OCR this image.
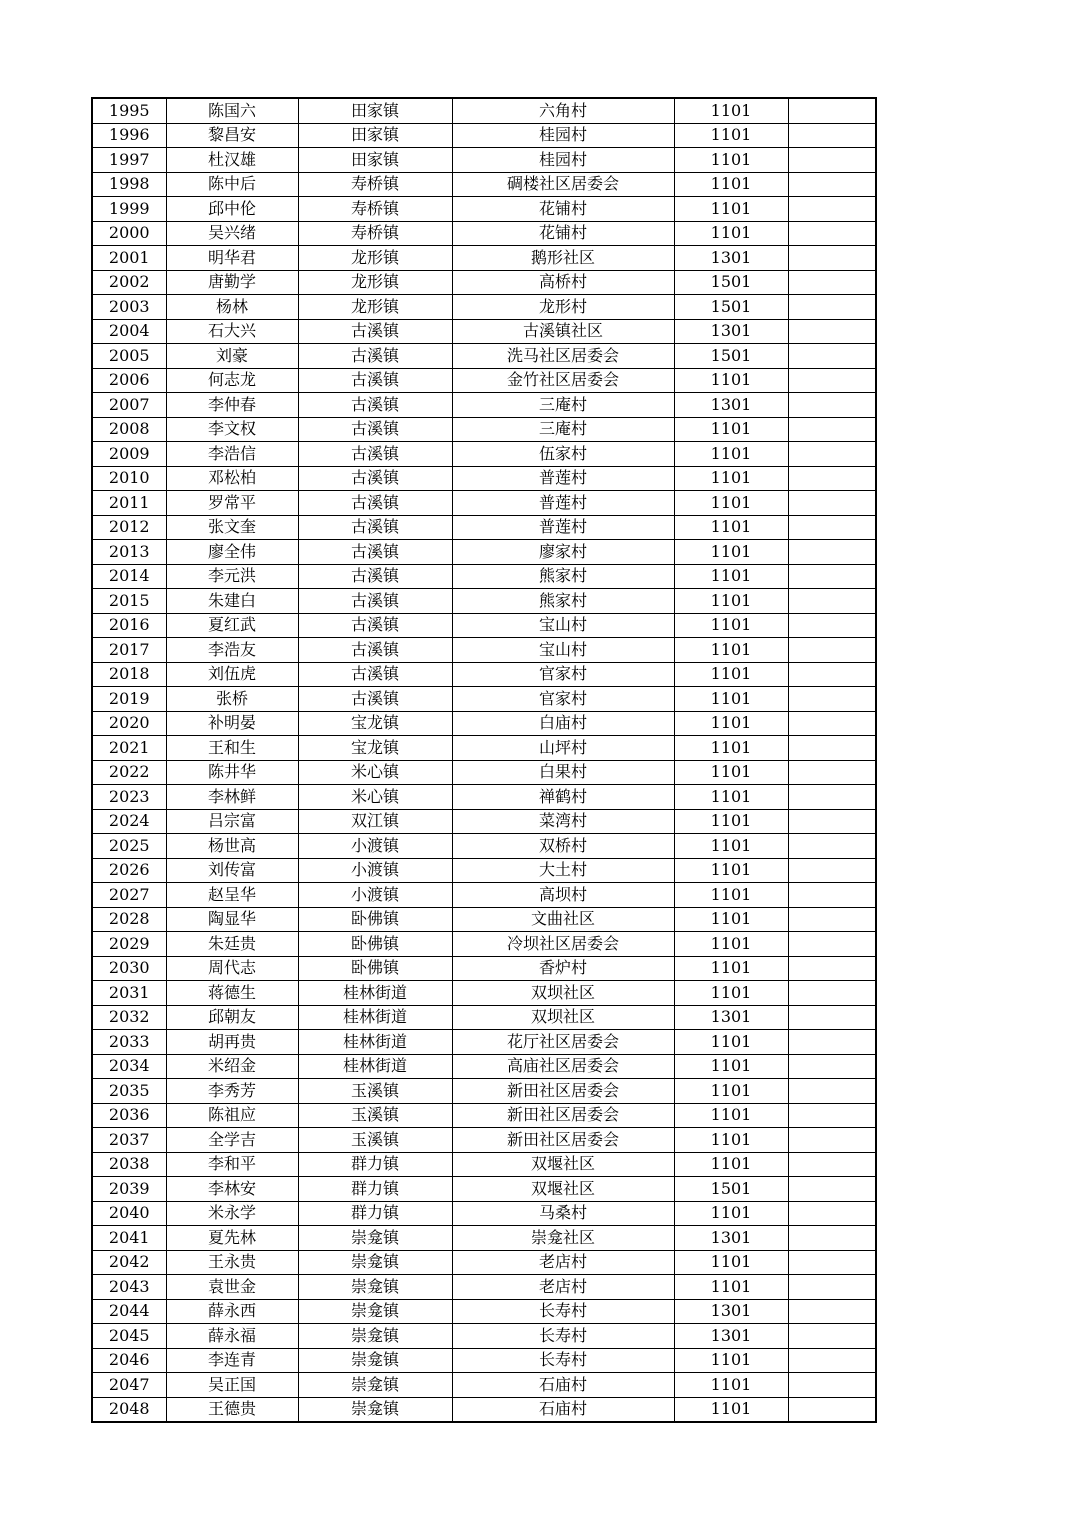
1995	陈国六	田家镇	六角村	1101	
1996	黎昌安	田家镇	桂园村	1101	
1997	杜汉雄	田家镇	桂园村	1101	
1998	陈中后	寿桥镇	碉楼社区居委会	1101	
1999	邱中伦	寿桥镇	花铺村	1101	
2000	吴兴绪	寿桥镇	花铺村	1101	
2001	明华君	龙形镇	鹅形社区	1301	
2002	唐勤学	龙形镇	高桥村	1501	
2003	杨林	龙形镇	龙形村	1501	
2004	石大兴	古溪镇	古溪镇社区	1301	
2005	刘豪	古溪镇	洗马社区居委会	1501	
2006	何志龙	古溪镇	金竹社区居委会	1101	
2007	李仲春	古溪镇	三庵村	1301	
2008	李文权	古溪镇	三庵村	1101	
2009	李浩信	古溪镇	伍家村	1101	
2010	邓松柏	古溪镇	普莲村	1101	
2011	罗常平	古溪镇	普莲村	1101	
2012	张文奎	古溪镇	普莲村	1101	
2013	廖全伟	古溪镇	廖家村	1101	
2014	李元洪	古溪镇	熊家村	1101	
2015	朱建白	古溪镇	熊家村	1101	
2016	夏红武	古溪镇	宝山村	1101	
2017	李浩友	古溪镇	宝山村	1101	
2018	刘伍虎	古溪镇	官家村	1101	
2019	张桥	古溪镇	官家村	1101	
2020	补明晏	宝龙镇	白庙村	1101	
2021	王和生	宝龙镇	山坪村	1101	
2022	陈井华	米心镇	白果村	1101	
2023	李林鲜	米心镇	禅鹤村	1101	
2024	吕宗富	双江镇	菜湾村	1101	
2025	杨世高	小渡镇	双桥村	1101	
2026	刘传富	小渡镇	大土村	1101	
2027	赵呈华	小渡镇	高坝村	1101	
2028	陶显华	卧佛镇	文曲社区	1101	
2029	朱廷贵	卧佛镇	冷坝社区居委会	1101	
2030	周代志	卧佛镇	香炉村	1101	
2031	蒋德生	桂林街道	双坝社区	1101	
2032	邱朝友	桂林街道	双坝社区	1301	
2033	胡再贵	桂林街道	花厅社区居委会	1101	
2034	米绍金	桂林街道	高庙社区居委会	1101	
2035	李秀芳	玉溪镇	新田社区居委会	1101	
2036	陈祖应	玉溪镇	新田社区居委会	1101	
2037	全学吉	玉溪镇	新田社区居委会	1101	
2038	李和平	群力镇	双堰社区	1101	
2039	李林安	群力镇	双堰社区	1501	
2040	米永学	群力镇	马桑村	1101	
2041	夏先林	崇龛镇	崇龛社区	1301	
2042	王永贵	崇龛镇	老店村	1101	
2043	袁世金	崇龛镇	老店村	1101	
2044	薛永西	崇龛镇	长寿村	1301	
2045	薛永福	崇龛镇	长寿村	1301	
2046	李连青	崇龛镇	长寿村	1101	
2047	吴正国	崇龛镇	石庙村	1101	
2048	王德贵	崇龛镇	石庙村	1101	
